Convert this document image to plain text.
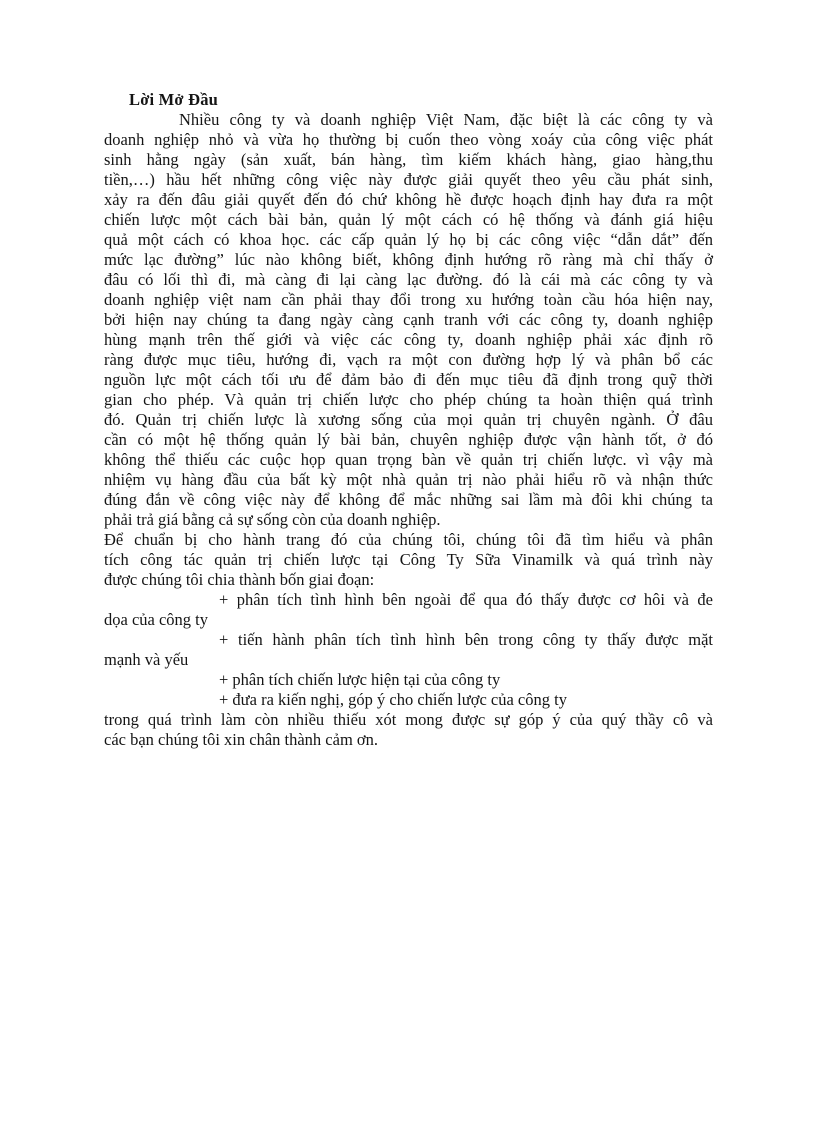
Lời Mở Đầu
Nhiều công ty và doanh nghiệp Việt Nam, đặc biệt là các công ty và
doanh nghiệp nhỏ và vừa họ thường bị cuốn theo vòng xoáy của công việc phát
sinh hằng ngày (sản xuất, bán hàng, tìm kiếm khách hàng, giao hàng,thu
tiền,…) hầu hết những công việc này được giải quyết theo yêu cầu phát sinh,
xảy ra đến đâu giải quyết đến đó chứ không hề được hoạch định hay đưa ra một
chiến lược một cách bài bản, quản lý một cách có hệ thống và đánh giá hiệu
quả một cách có khoa học. các cấp quản lý họ bị các công việc “dẫn dắt” đến
mức lạc đường” lúc nào không biết, không định hướng rõ ràng mà chỉ thấy ở
đâu có lối thì đi, mà càng đi lại càng lạc đường. đó là cái mà các công ty và
doanh nghiệp việt nam cần phải thay đổi trong xu hướng toàn cầu hóa hiện nay,
bởi hiện nay chúng ta đang ngày càng cạnh tranh với các công ty, doanh nghiệp
hùng mạnh trên thế giới và việc các công ty, doanh nghiệp phải xác định rõ
ràng được mục tiêu, hướng đi, vạch ra một con đường hợp lý và phân bổ các
nguồn lực một cách tối ưu để đảm bảo đi đến mục tiêu đã định trong quỹ thời
gian cho phép. Và quản trị chiến lược cho phép chúng ta hoàn thiện quá trình
đó. Quản trị chiến lược là xương sống của mọi quản trị chuyên ngành. Ở đâu
cần có một hệ thống quản lý bài bản, chuyên nghiệp được vận hành tốt, ở đó
không thể thiếu các cuộc họp quan trọng bàn về quản trị chiến lược. vì vậy mà
nhiệm vụ hàng đầu của bất kỳ một nhà quản trị nào phải hiểu rõ và nhận thức
đúng đắn về công việc này để không để mắc những sai lầm mà đôi khi chúng ta
phải trả giá bằng cả sự sống còn của doanh nghiệp.
Để chuẩn bị cho hành trang đó của chúng tôi, chúng tôi đã tìm hiểu và phân
tích công tác quản trị chiến lược tại Công Ty Sữa Vinamilk và quá trình này
được chúng tôi chia thành bốn giai đoạn:
+ phân tích tình hình bên ngoài để qua đó thấy được cơ hôi và đe
dọa của công ty
+ tiến hành phân tích tình hình bên trong công ty thấy được mặt
mạnh và yếu
+ phân tích chiến lược hiện tại của công ty
+ đưa ra kiến nghị, góp ý cho chiến lược của công ty
trong quá trình làm còn nhiều thiếu xót mong được sự góp ý của quý thầy cô và
các bạn chúng tôi xin chân thành cảm ơn.
